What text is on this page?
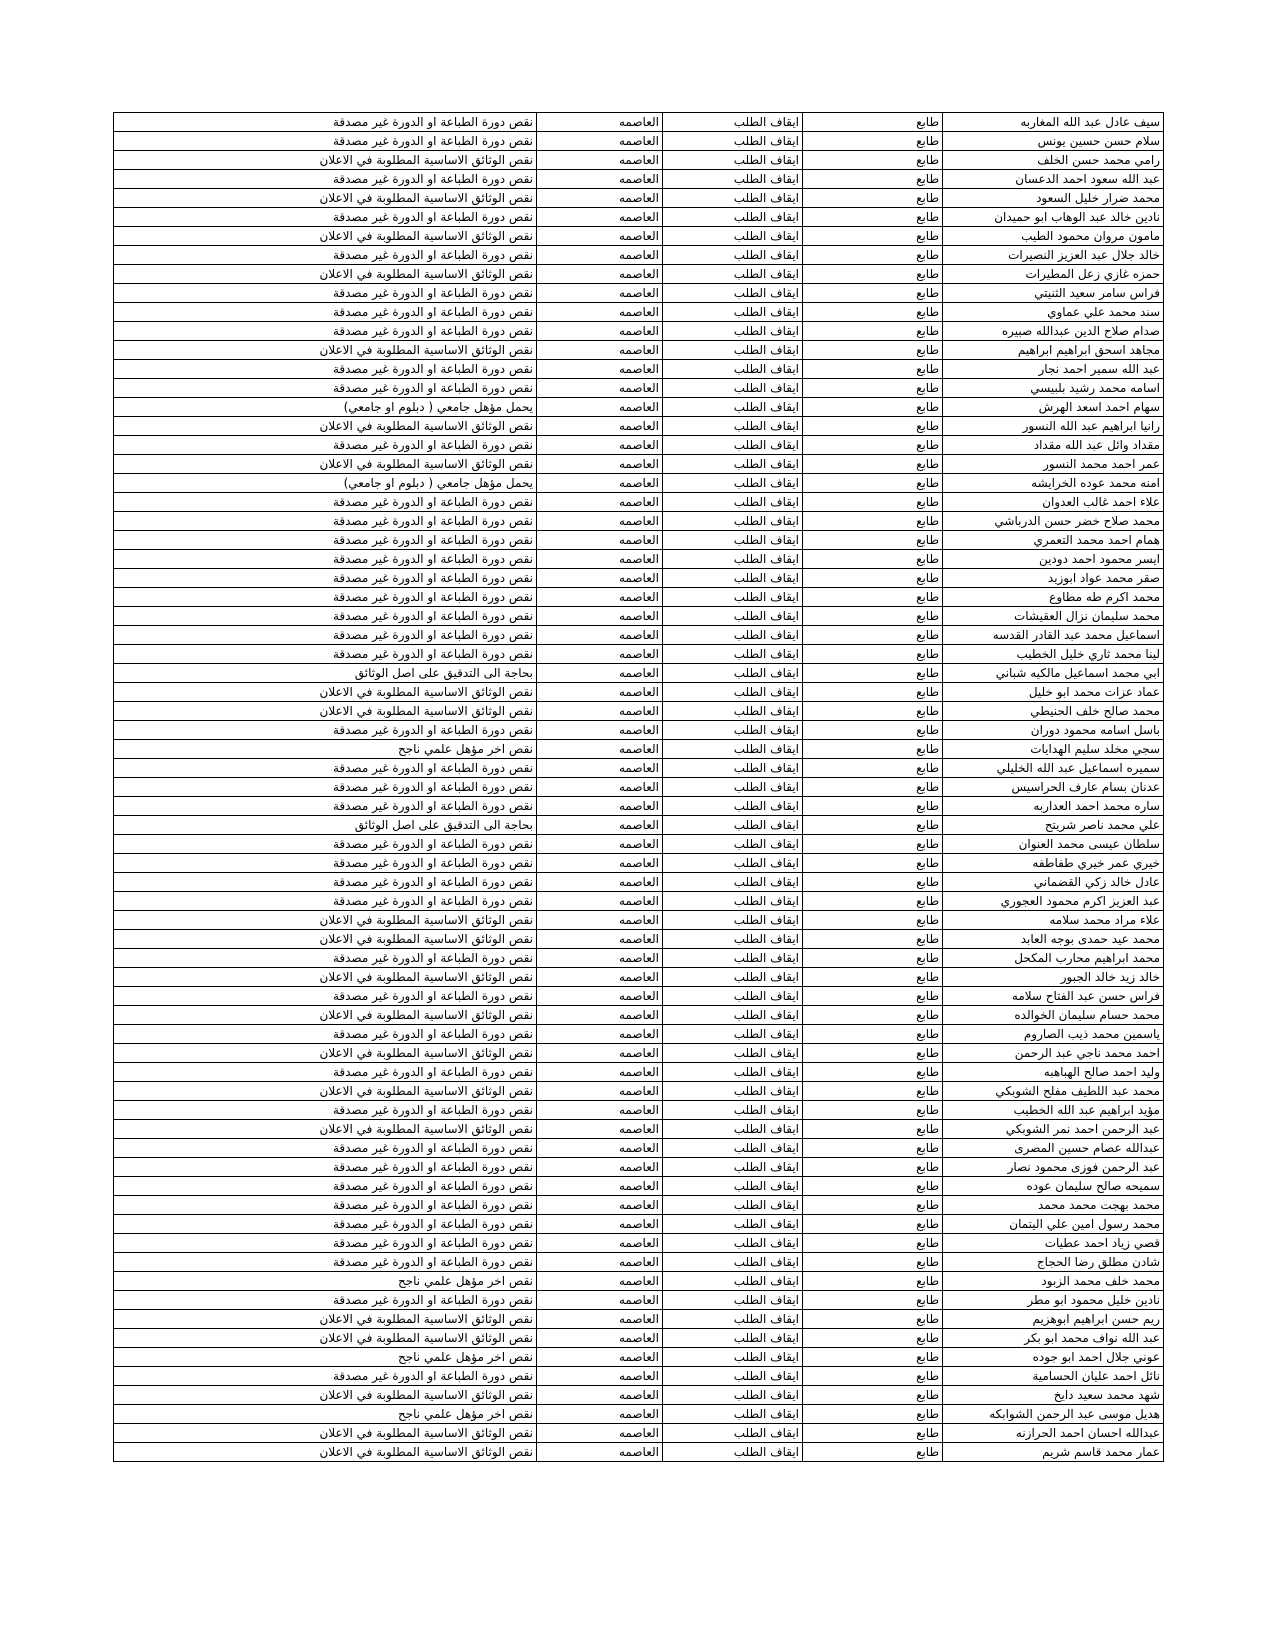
سيف عادل عبد الله المغاربه	طابع	ايقاف الطلب	العاصمه	نقص دورة الطباعة او الدورة غير مصدقة
سلام حسن حسين يونس	طابع	ايقاف الطلب	العاصمه	نقص دورة الطباعة او الدورة غير مصدقة
رامي محمد حسن الخلف	طابع	ايقاف الطلب	العاصمه	نقص الوثائق الاساسية المطلوبة في الاعلان
عبد الله سعود احمد الدعسان	طابع	ايقاف الطلب	العاصمه	نقص دورة الطباعة او الدورة غير مصدقة
محمد ضرار خليل السعود	طابع	ايقاف الطلب	العاصمه	نقص الوثائق الاساسية المطلوبة في الاعلان
نادين خالد عبد الوهاب ابو حميدان	طابع	ايقاف الطلب	العاصمه	نقص دورة الطباعة او الدورة غير مصدقة
مامون مروان محمود الطيب	طابع	ايقاف الطلب	العاصمه	نقص الوثائق الاساسية المطلوبة في الاعلان
خالد جلال عبد العزيز النصيرات	طابع	ايقاف الطلب	العاصمه	نقص دورة الطباعة او الدورة غير مصدقة
حمزه غازي زعل المطيرات	طابع	ايقاف الطلب	العاصمه	نقص الوثائق الاساسية المطلوبة في الاعلان
فراس سامر سعيد الثنيتي	طابع	ايقاف الطلب	العاصمه	نقص دورة الطباعة او الدورة غير مصدقة
سند محمد علي عماوي	طابع	ايقاف الطلب	العاصمه	نقص دورة الطباعة او الدورة غير مصدقة
صدام صلاح الدين عبدالله صبيره	طابع	ايقاف الطلب	العاصمه	نقص دورة الطباعة او الدورة غير مصدقة
مجاهد اسحق ابراهيم ابراهيم	طابع	ايقاف الطلب	العاصمه	نقص الوثائق الاساسية المطلوبة في الاعلان
عبد الله سمير احمد نجار	طابع	ايقاف الطلب	العاصمه	نقص دورة الطباعة او الدورة غير مصدقة
اسامه محمد رشيد بلبيسي	طابع	ايقاف الطلب	العاصمه	نقص دورة الطباعة او الدورة غير مصدقة
سهام احمد اسعد الهرش	طابع	ايقاف الطلب	العاصمه	يحمل مؤهل جامعي ( دبلوم او جامعي)
رانيا ابراهيم عبد الله النسور	طابع	ايقاف الطلب	العاصمه	نقص الوثائق الاساسية المطلوبة في الاعلان
مقداد وائل عبد الله مقداد	طابع	ايقاف الطلب	العاصمه	نقص دورة الطباعة او الدورة غير مصدقة
عمر احمد محمد النسور	طابع	ايقاف الطلب	العاصمه	نقص الوثائق الاساسية المطلوبة في الاعلان
امنه محمد عوده الخرايشه	طابع	ايقاف الطلب	العاصمه	يحمل مؤهل جامعي ( دبلوم او جامعي)
علاء احمد غالب العدوان	طابع	ايقاف الطلب	العاصمه	نقص دورة الطباعة او الدورة غير مصدقة
محمد صلاح خضر حسن الدرباشي	طابع	ايقاف الطلب	العاصمه	نقص دورة الطباعة او الدورة غير مصدقة
همام احمد محمد التعمري	طابع	ايقاف الطلب	العاصمه	نقص دورة الطباعة او الدورة غير مصدقة
ايسر محمود احمد دودين	طابع	ايقاف الطلب	العاصمه	نقص دورة الطباعة او الدورة غير مصدقة
صقر محمد عواد ابوزيد	طابع	ايقاف الطلب	العاصمه	نقص دورة الطباعة او الدورة غير مصدقة
محمد اكرم طه مطاوع	طابع	ايقاف الطلب	العاصمه	نقص دورة الطباعة او الدورة غير مصدقة
محمد سليمان نزال العقيشات	طابع	ايقاف الطلب	العاصمه	نقص دورة الطباعة او الدورة غير مصدقة
اسماعيل محمد عبد القادر القدسه	طابع	ايقاف الطلب	العاصمه	نقص دورة الطباعة او الدورة غير مصدقة
لينا محمد ثاري خليل الخطيب	طابع	ايقاف الطلب	العاصمه	نقص دورة الطباعة او الدورة غير مصدقة
ابي محمد اسماعيل مالكيه شباني	طابع	ايقاف الطلب	العاصمه	بحاجة الى التدقيق على اصل الوثائق
عماد عزات محمد ابو خليل	طابع	ايقاف الطلب	العاصمه	نقص الوثائق الاساسية المطلوبة في الاعلان
محمد صالح خلف الحنيطي	طابع	ايقاف الطلب	العاصمه	نقص الوثائق الاساسية المطلوبة في الاعلان
باسل اسامه محمود دوران	طابع	ايقاف الطلب	العاصمه	نقص دورة الطباعة او الدورة غير مصدقة
سجي مخلد سليم الهدايات	طابع	ايقاف الطلب	العاصمه	نقص اخر مؤهل علمي ناجح
سميره اسماعيل عبد الله الخليلي	طابع	ايقاف الطلب	العاصمه	نقص دورة الطباعة او الدورة غير مصدقة
عدنان بسام عارف الحراسيس	طابع	ايقاف الطلب	العاصمه	نقص دورة الطباعة او الدورة غير مصدقة
ساره محمد احمد العداربه	طابع	ايقاف الطلب	العاصمه	نقص دورة الطباعة او الدورة غير مصدقة
علي محمد ناصر شريتح	طابع	ايقاف الطلب	العاصمه	بحاجة الى التدقيق على اصل الوثائق
سلطان عيسى محمد العنوان	طابع	ايقاف الطلب	العاصمه	نقص دورة الطباعة او الدورة غير مصدقة
خيري عمر خيري طفاطفه	طابع	ايقاف الطلب	العاصمه	نقص دورة الطباعة او الدورة غير مصدقة
عادل خالد زكي القضماني	طابع	ايقاف الطلب	العاصمه	نقص دورة الطباعة او الدورة غير مصدقة
عبد العزيز اكرم محمود العجوري	طابع	ايقاف الطلب	العاصمه	نقص دورة الطباعة او الدورة غير مصدقة
علاء مراد محمد سلامه	طابع	ايقاف الطلب	العاصمه	نقص الوثائق الاساسية المطلوبة في الاعلان
محمد عيد حمدى بوجه العابد	طابع	ايقاف الطلب	العاصمه	نقص الوثائق الاساسية المطلوبة في الاعلان
محمد ابراهيم محارب المكحل	طابع	ايقاف الطلب	العاصمه	نقص دورة الطباعة او الدورة غير مصدقة
خالد زيد خالد الجبور	طابع	ايقاف الطلب	العاصمه	نقص الوثائق الاساسية المطلوبة في الاعلان
فراس حسن عبد الفتاح سلامه	طابع	ايقاف الطلب	العاصمه	نقص دورة الطباعة او الدورة غير مصدقة
محمد حسام سليمان الخوالده	طابع	ايقاف الطلب	العاصمه	نقص الوثائق الاساسية المطلوبة في الاعلان
ياسمين محمد ذيب الصاروم	طابع	ايقاف الطلب	العاصمه	نقص دورة الطباعة او الدورة غير مصدقة
احمد محمد ناجي عبد الرحمن	طابع	ايقاف الطلب	العاصمه	نقص الوثائق الاساسية المطلوبة في الاعلان
وليد احمد صالح الهباهبه	طابع	ايقاف الطلب	العاصمه	نقص دورة الطباعة او الدورة غير مصدقة
محمد عبد اللطيف مفلح الشوبكي	طابع	ايقاف الطلب	العاصمه	نقص الوثائق الاساسية المطلوبة في الاعلان
مؤيد ابراهيم عبد الله الخطيب	طابع	ايقاف الطلب	العاصمه	نقص دورة الطباعة او الدورة غير مصدقة
عبد الرحمن احمد نمر الشوبكي	طابع	ايقاف الطلب	العاصمه	نقص الوثائق الاساسية المطلوبة في الاعلان
عبدالله عصام حسين المصرى	طابع	ايقاف الطلب	العاصمه	نقص دورة الطباعة او الدورة غير مصدقة
عبد الرحمن فوزى محمود نصار	طابع	ايقاف الطلب	العاصمه	نقص دورة الطباعة او الدورة غير مصدقة
سميحه صالح سليمان عوده	طابع	ايقاف الطلب	العاصمه	نقص دورة الطباعة او الدورة غير مصدقة
محمد بهجت محمد محمد	طابع	ايقاف الطلب	العاصمه	نقص دورة الطباعة او الدورة غير مصدقة
محمد رسول امين علي اليتمان	طابع	ايقاف الطلب	العاصمه	نقص دورة الطباعة او الدورة غير مصدقة
قصي زياد احمد عطيات	طابع	ايقاف الطلب	العاصمه	نقص دورة الطباعة او الدورة غير مصدقة
شادن مطلق رضا الحجاج	طابع	ايقاف الطلب	العاصمه	نقص دورة الطباعة او الدورة غير مصدقة
محمد خلف محمد الزبود	طابع	ايقاف الطلب	العاصمه	نقص اخر مؤهل علمي ناجح
نادين خليل محمود ابو مطر	طابع	ايقاف الطلب	العاصمه	نقص دورة الطباعة او الدورة غير مصدقة
ريم حسن ابراهيم ابوهزيم	طابع	ايقاف الطلب	العاصمه	نقص الوثائق الاساسية المطلوبة في الاعلان
عبد الله نواف محمد ابو بكر	طابع	ايقاف الطلب	العاصمه	نقص الوثائق الاساسية المطلوبة في الاعلان
عوني جلال احمد ابو جوده	طابع	ايقاف الطلب	العاصمه	نقص اخر مؤهل علمي ناجح
نائل احمد عليان الحسامية	طابع	ايقاف الطلب	العاصمه	نقص دورة الطباعة او الدورة غير مصدقة
شهد محمد سعيد دايخ	طابع	ايقاف الطلب	العاصمه	نقص الوثائق الاساسية المطلوبة في الاعلان
هديل موسى عبد الرحمن الشوابكه	طابع	ايقاف الطلب	العاصمه	نقص اخر مؤهل علمي ناجح
عبدالله احسان احمد الحرازنه	طابع	ايقاف الطلب	العاصمه	نقص الوثائق الاساسية المطلوبة في الاعلان
عمار محمد قاسم شريم	طابع	ايقاف الطلب	العاصمه	نقص الوثائق الاساسية المطلوبة في الاعلان
